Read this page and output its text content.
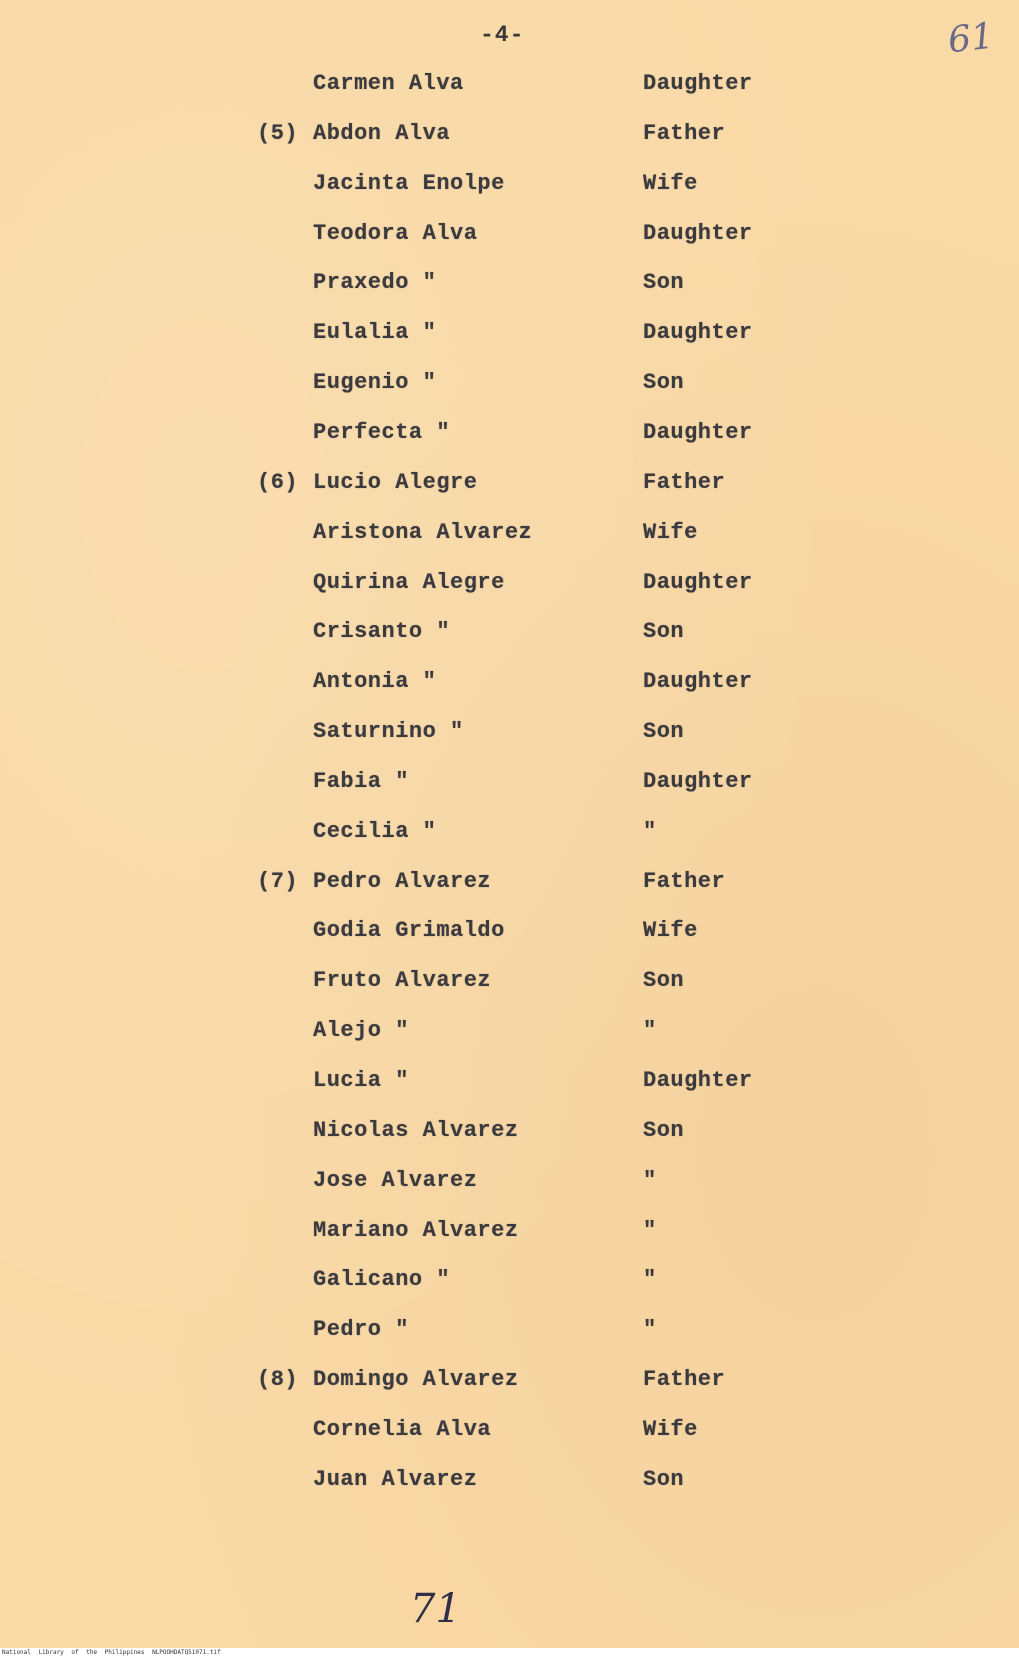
-4-	61
Carmen Alva	Daughter
(5) Abdon Alva	Father
Jacinta Enolpe	Wife
Teodora Alva	Daughter
Praxedo "	Son
Eulalia "	Daughter
Eugenio "	Son
Perfecta "	Daughter
(6) Lucio Alegre	Father
Aristona Alvarez	Wife
Quirina Alegre	Daughter
Crisanto "	Son
Antonia "	Daughter
Saturnino "	Son
Fabia "	Daughter
Cecilia "	"
(7) Pedro Alvarez	Father
Godia Grimaldo	Wife
Fruto Alvarez	Son
Alejo "	"
Lucia "	Daughter
Nicolas Alvarez	Son
Jose Alvarez	"
Mariano Alvarez	"
Galicano "	"
Pedro "	"
(8) Domingo Alvarez	Father
Cornelia Alva	Wife
Juan Alvarez	Son
71
National Library of the Philippines NLPOOHDATQ51071.tif
